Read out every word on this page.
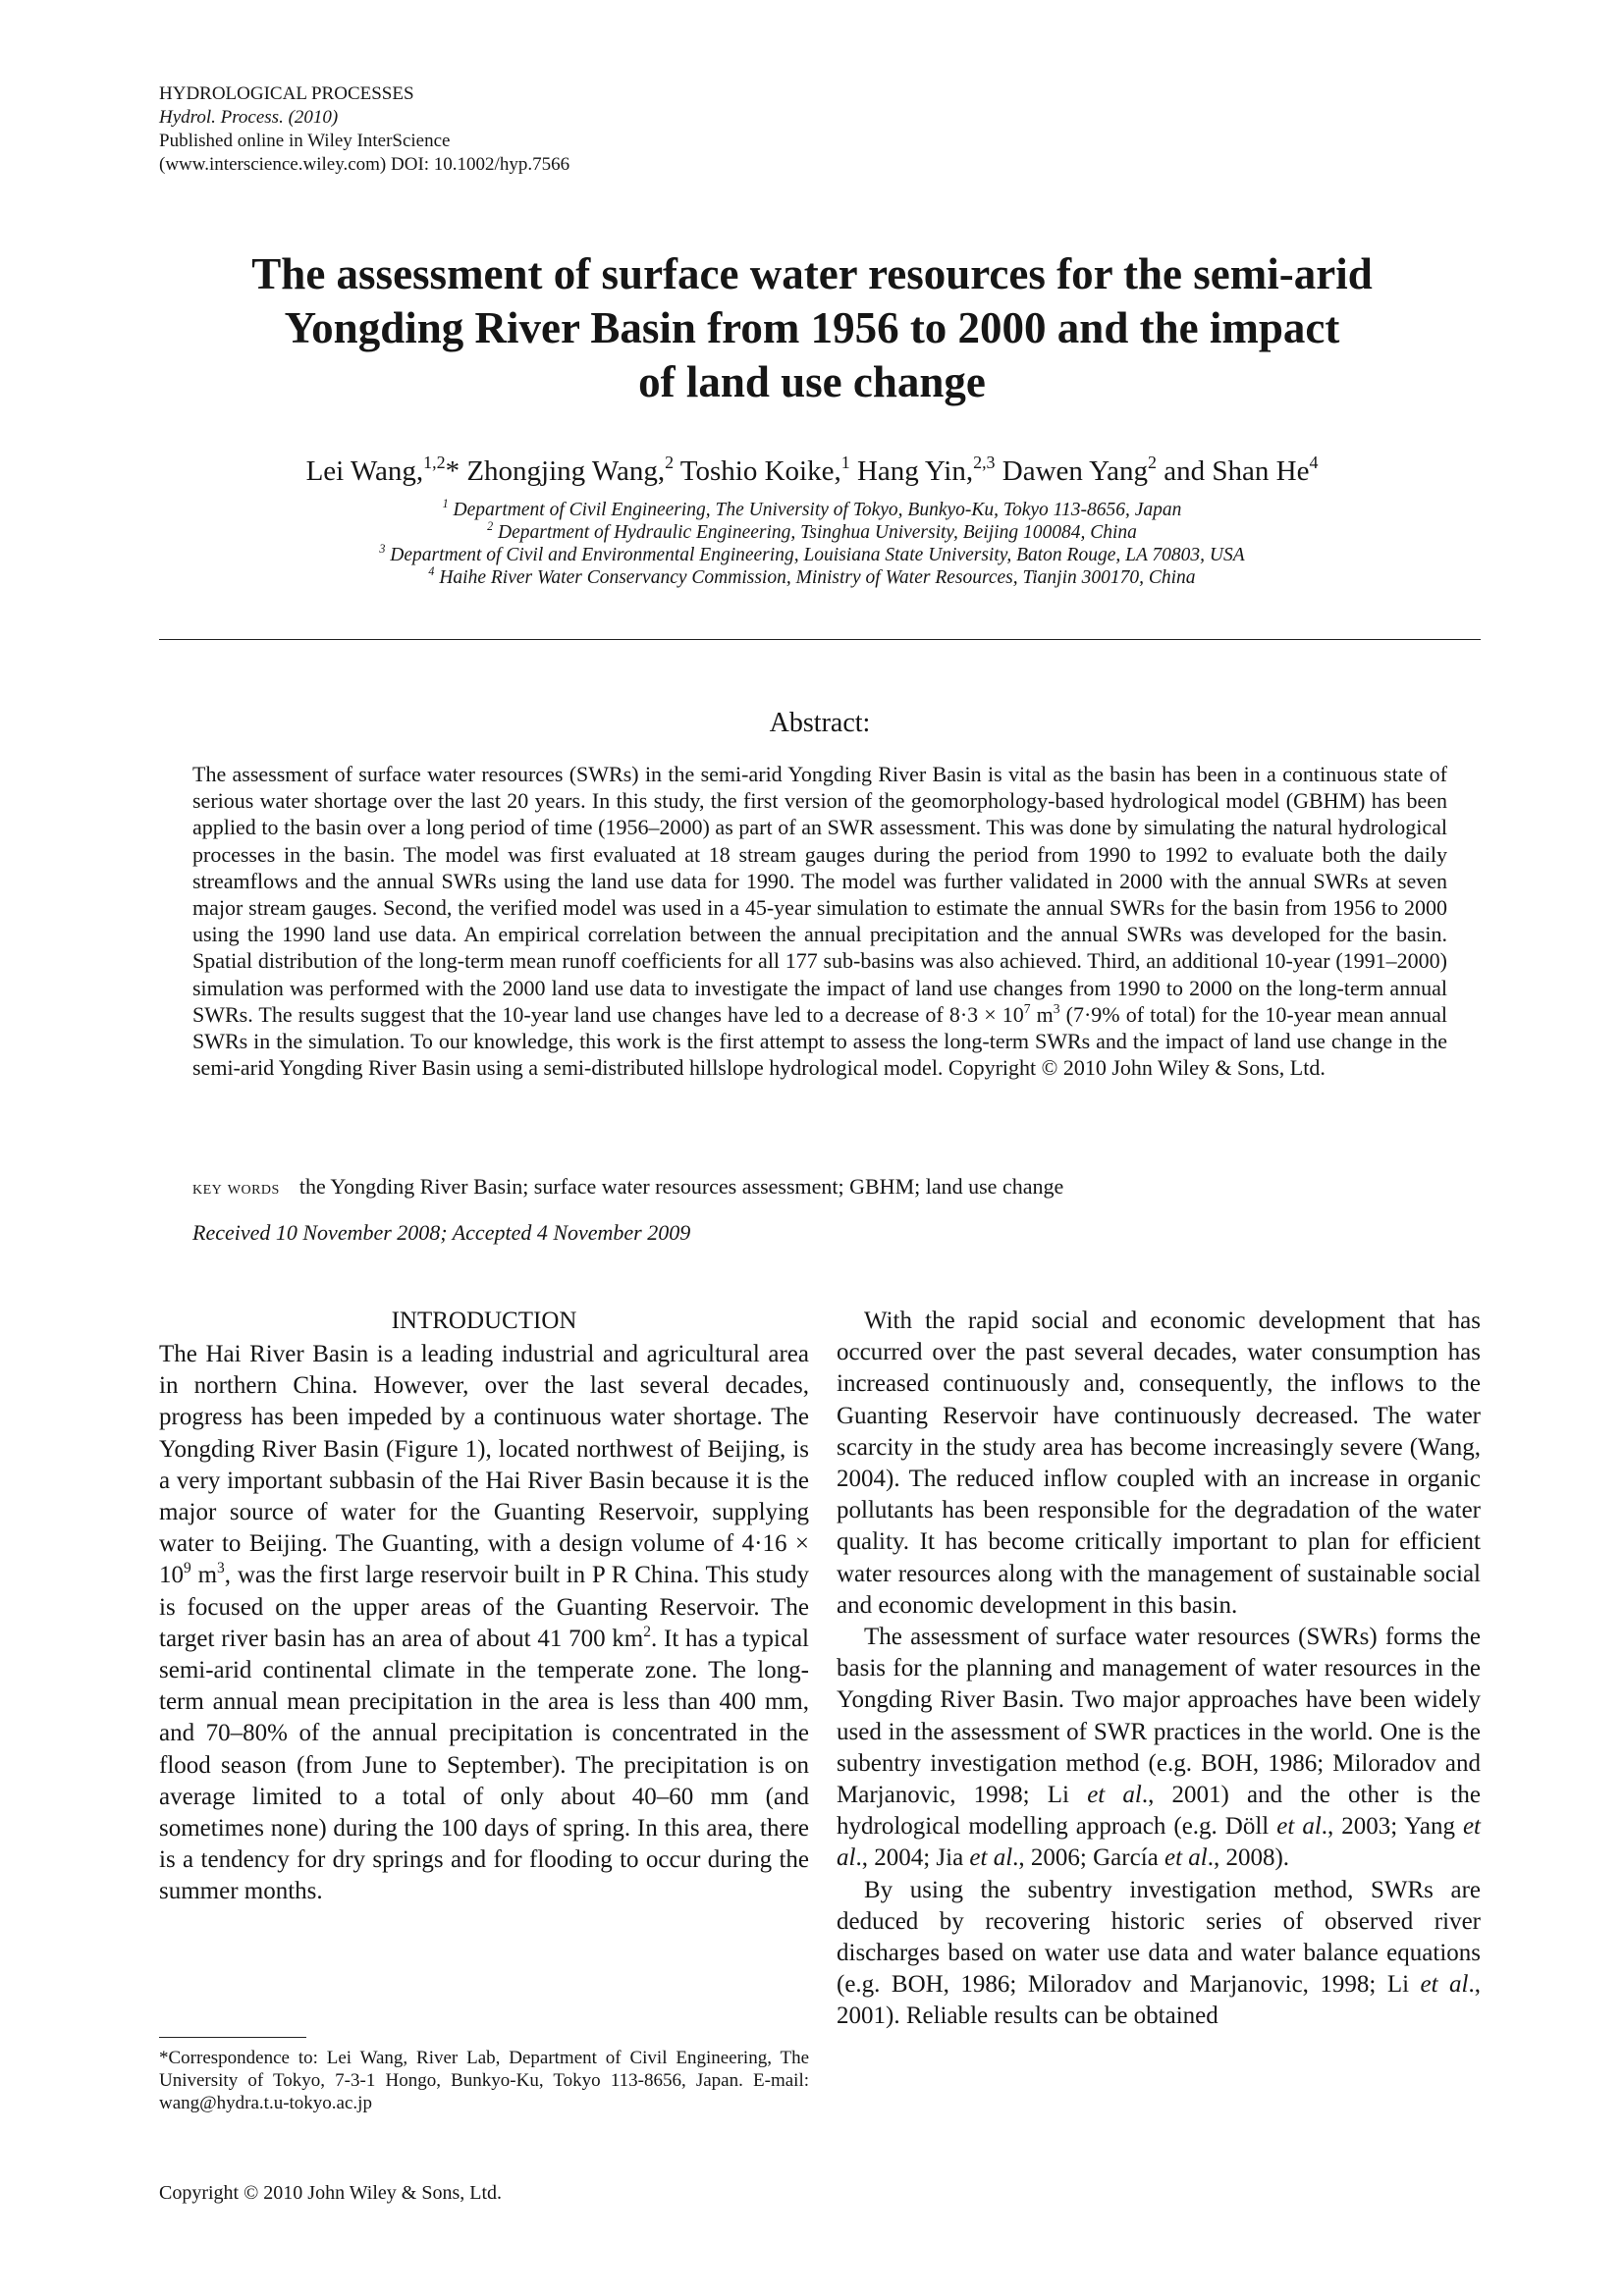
HYDROLOGICAL PROCESSES
Hydrol. Process. (2010)
Published online in Wiley InterScience
(www.interscience.wiley.com) DOI: 10.1002/hyp.7566
The assessment of surface water resources for the semi-arid
Yongding River Basin from 1956 to 2000 and the impact
of land use change
Lei Wang,$^{1,2}$* Zhongjing Wang,$^2$ Toshio Koike,$^1$ Hang Yin,$^{2,3}$ Dawen Yang$^2$ and Shan He$^4$
$^1$ Department of Civil Engineering, The University of Tokyo, Bunkyo-Ku, Tokyo 113-8656, Japan
$^2$ Department of Hydraulic Engineering, Tsinghua University, Beijing 100084, China
$^3$ Department of Civil and Environmental Engineering, Louisiana State University, Baton Rouge, LA 70803, USA
$^4$ Haihe River Water Conservancy Commission, Ministry of Water Resources, Tianjin 300170, China
Abstract:

The assessment of surface water resources (SWRs) in the semi-arid Yongding River Basin is vital as the basin has been in a continuous state of serious water shortage over the last 20 years. In this study, the first version of the geomorphology-based hydrological model (GBHM) has been applied to the basin over a long period of time (1956–2000) as part of an SWR assessment. This was done by simulating the natural hydrological processes in the basin. The model was first evaluated at 18 stream gauges during the period from 1990 to 1992 to evaluate both the daily streamflows and the annual SWRs using the land use data for 1990. The model was further validated in 2000 with the annual SWRs at seven major stream gauges. Second, the verified model was used in a 45-year simulation to estimate the annual SWRs for the basin from 1956 to 2000 using the 1990 land use data. An empirical correlation between the annual precipitation and the annual SWRs was developed for the basin. Spatial distribution of the long-term mean runoff coefficients for all 177 sub-basins was also achieved. Third, an additional 10-year (1991–2000) simulation was performed with the 2000 land use data to investigate the impact of land use changes from 1990 to 2000 on the long-term annual SWRs. The results suggest that the 10-year land use changes have led to a decrease of $8\cdot 3 \times 10^7$ $m^3$ (7·9% of total) for the 10-year mean annual SWRs in the simulation. To our knowledge, this work is the first attempt to assess the long-term SWRs and the impact of land use change in the semi-arid Yongding River Basin using a semi-distributed hillslope hydrological model. Copyright © 2010 John Wiley & Sons, Ltd.

key words the Yongding River Basin; surface water resources assessment; GBHM; land use change
Received 10 November 2008; Accepted 4 November 2009
INTRODUCTION

The Hai River Basin is a leading industrial and agricultural area in northern China. However, over the last several decades, progress has been impeded by a continuous water shortage. The Yongding River Basin (Figure 1), located northwest of Beijing, is a very important subbasin of the Hai River Basin because it is the major source of water for the Guanting Reservoir, supplying water to Beijing. The Guanting, with a design volume of $4\cdot 16 \times 10^9$ $m^3$, was the first large reservoir built in P R China. This study is focused on the upper areas of the Guanting Reservoir. The target river basin has an area of about 41 700 $km^2$. It has a typical semi-arid continental climate in the temperate zone. The long-term annual mean precipitation in the area is less than 400 mm, and 70–80% of the annual precipitation is concentrated in the flood season (from June to September). The precipitation is on average limited to a total of only about 40–60 mm (and sometimes none) during the 100 days of spring. In this area, there is a tendency for dry springs and for flooding to occur during the summer months.

With the rapid social and economic development that has occurred over the past several decades, water consumption has increased continuously and, consequently, the inflows to the Guanting Reservoir have continuously decreased. The water scarcity in the study area has become increasingly severe (Wang, 2004). The reduced inflow coupled with an increase in organic pollutants has been responsible for the degradation of the water quality. It has become critically important to plan for efficient water resources along with the management of sustainable social and economic development in this basin.

The assessment of surface water resources (SWRs) forms the basis for the planning and management of water resources in the Yongding River Basin. Two major approaches have been widely used in the assessment of SWR practices in the world. One is the subentry investigation method (e.g. BOH, 1986; Miloradov and Marjanovic, 1998; Li et al., 2001) and the other is the hydrological modelling approach (e.g. Döll et al., 2003; Yang et al., 2004; Jia et al., 2006; García et al., 2008).

By using the subentry investigation method, SWRs are deduced by recovering historic series of observed river discharges based on water use data and water balance equations (e.g. BOH, 1986; Miloradov and Marjanovic, 1998; Li et al., 2001). Reliable results can be obtained

*Correspondence to: Lei Wang, River Lab, Department of Civil Engineering, The University of Tokyo, 7-3-1 Hongo, Bunkyo-Ku, Tokyo 113-8656, Japan. E-mail: wang@hydra.t.u-tokyo.ac.jp
Copyright © 2010 John Wiley & Sons, Ltd.
